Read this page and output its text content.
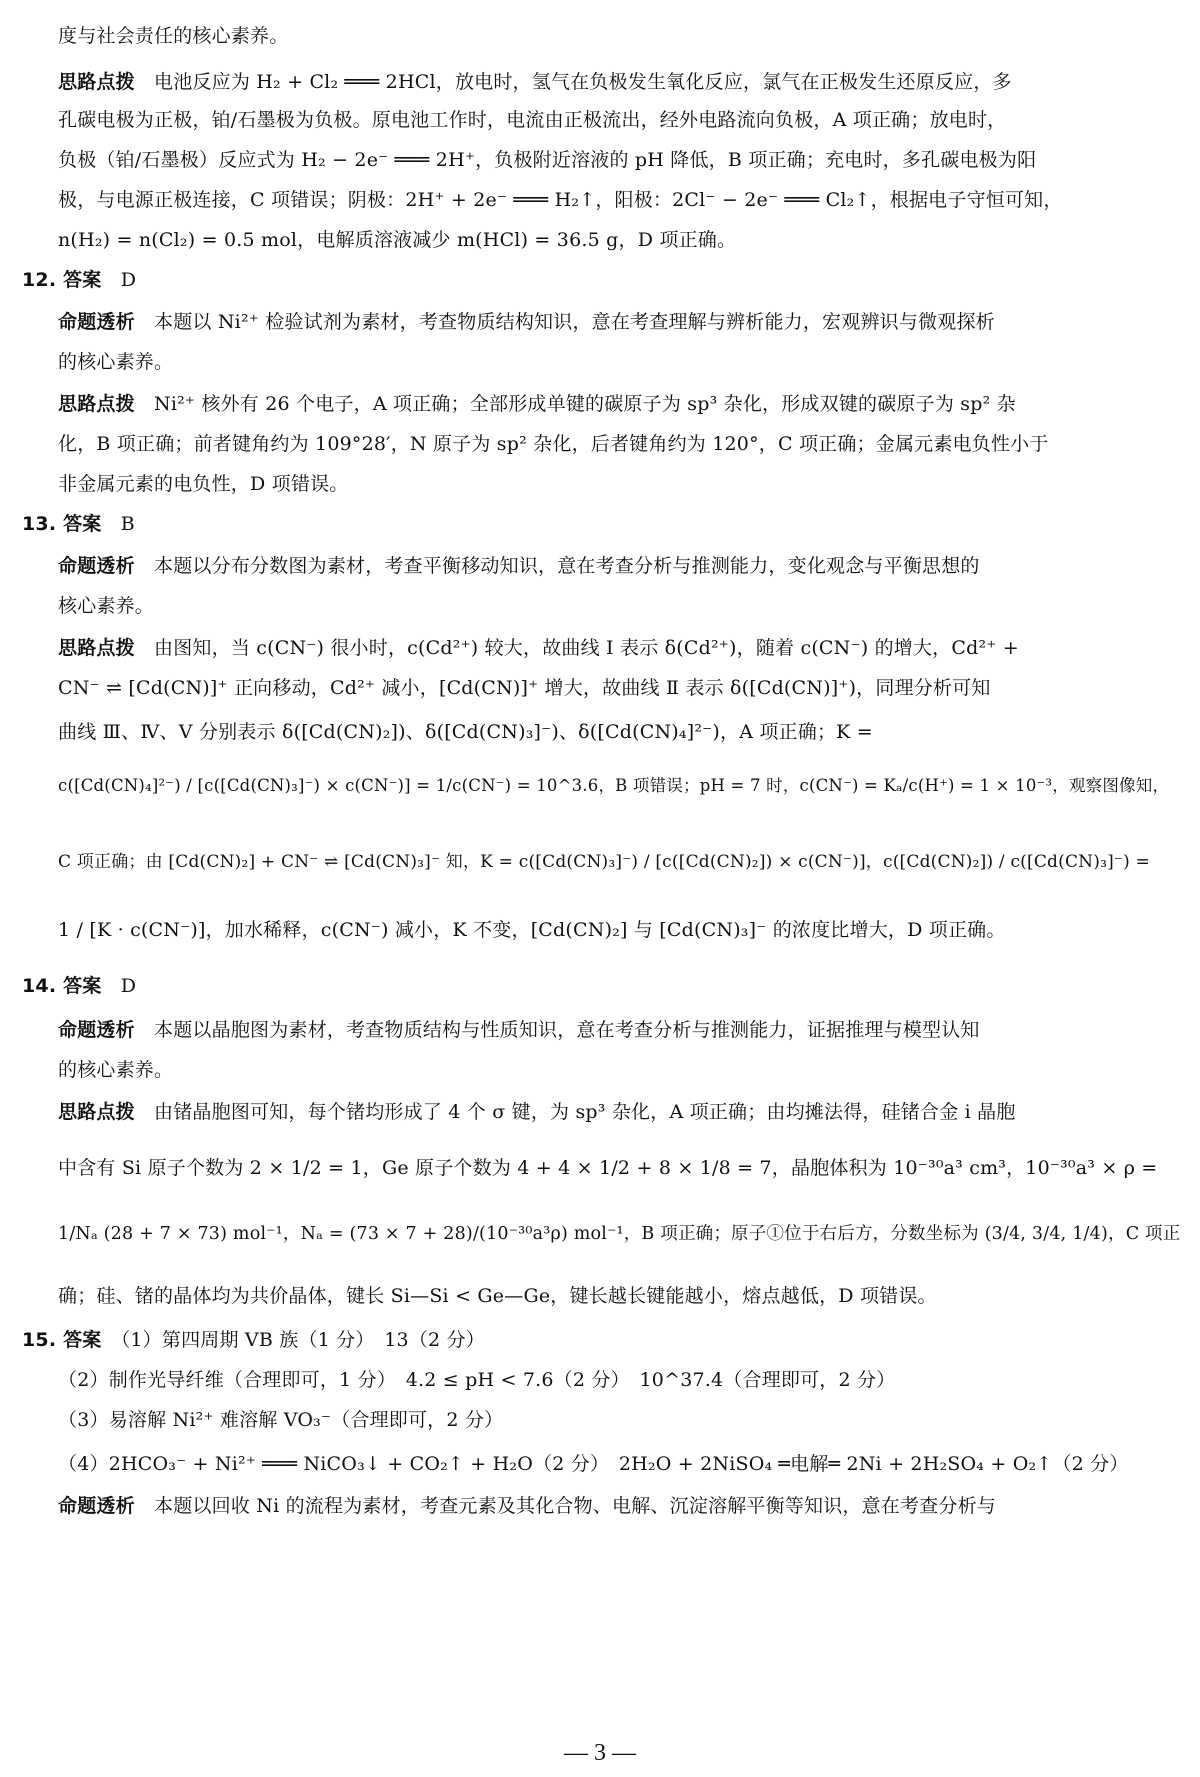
度与社会责任的核心素养。
思路点拨　 电池反应为 H₂ + Cl₂ ═══ 2HCl，放电时，氢气在负极发生氧化反应，氯气在正极发生还原反应，多
孔碳电极为正极，铂/石墨极为负极。原电池工作时，电流由正极流出，经外电路流向负极，A 项正确；放电时，
负极（铂/石墨极）反应式为 H₂ − 2e⁻ ═══ 2H⁺，负极附近溶液的 pH 降低，B 项正确；充电时，多孔碳电极为阳
极，与电源正极连接，C 项错误；阴极：2H⁺ + 2e⁻ ═══ H₂↑，阳极：2Cl⁻ − 2e⁻ ═══ Cl₂↑，根据电子守恒可知，
n(H₂) = n(Cl₂) = 0.5 mol，电解质溶液减少 m(HCl) = 36.5 g，D 项正确。
12. 答案　 D
命题透析　 本题以 Ni²⁺ 检验试剂为素材，考查物质结构知识，意在考查理解与辨析能力，宏观辨识与微观探析
的核心素养。
思路点拨　 Ni²⁺ 核外有 26 个电子，A 项正确；全部形成单键的碳原子为 sp³ 杂化，形成双键的碳原子为 sp² 杂
化，B 项正确；前者键角约为 109°28′，N 原子为 sp² 杂化，后者键角约为 120°，C 项正确；金属元素电负性小于
非金属元素的电负性，D 项错误。
13. 答案　 B
命题透析　 本题以分布分数图为素材，考查平衡移动知识，意在考查分析与推测能力，变化观念与平衡思想的
核心素养。
思路点拨　 由图知，当 c(CN⁻) 很小时，c(Cd²⁺) 较大，故曲线 Ⅰ 表示 δ(Cd²⁺)，随着 c(CN⁻) 的增大，Cd²⁺ +
CN⁻ ⇌ [Cd(CN)]⁺ 正向移动，Cd²⁺ 减小，[Cd(CN)]⁺ 增大，故曲线 Ⅱ 表示 δ([Cd(CN)]⁺)，同理分析可知
曲线 Ⅲ、Ⅳ、Ⅴ 分别表示 δ([Cd(CN)₂])、δ([Cd(CN)₃]⁻)、δ([Cd(CN)₄]²⁻)，A 项正确；K =
c([Cd(CN)₄]²⁻) / [c([Cd(CN)₃]⁻) × c(CN⁻)] = 1/c(CN⁻) = 10^3.6，B 项错误；pH = 7 时，c(CN⁻) = Kₐ/c(H⁺) = 1 × 10⁻³，观察图像知，
C 项正确；由 [Cd(CN)₂] + CN⁻ ⇌ [Cd(CN)₃]⁻ 知，K = c([Cd(CN)₃]⁻) / [c([Cd(CN)₂]) × c(CN⁻)]，c([Cd(CN)₂]) / c([Cd(CN)₃]⁻) =
1 / [K · c(CN⁻)]，加水稀释，c(CN⁻) 减小，K 不变，[Cd(CN)₂] 与 [Cd(CN)₃]⁻ 的浓度比增大，D 项正确。
14. 答案　 D
命题透析　 本题以晶胞图为素材，考查物质结构与性质知识，意在考查分析与推测能力，证据推理与模型认知
的核心素养。
思路点拨　 由锗晶胞图可知，每个锗均形成了 4 个 σ 键，为 sp³ 杂化，A 项正确；由均摊法得，硅锗合金 ⅰ 晶胞
中含有 Si 原子个数为 2 × 1/2 = 1，Ge 原子个数为 4 + 4 × 1/2 + 8 × 1/8 = 7，晶胞体积为 10⁻³⁰a³ cm³，10⁻³⁰a³ × ρ =
1/Nₐ (28 + 7 × 73) mol⁻¹，Nₐ = (73 × 7 + 28)/(10⁻³⁰a³ρ) mol⁻¹，B 项正确；原子①位于右后方，分数坐标为 (3/4, 3/4, 1/4)，C 项正
确；硅、锗的晶体均为共价晶体，键长 Si—Si < Ge—Ge，键长越长键能越小，熔点越低，D 项错误。
15. 答案　 （1）第四周期 ⅤB 族（1 分）　13（2 分）
（2）制作光导纤维（合理即可，1 分）　4.2 ≤ pH < 7.6（2 分）　10^37.4（合理即可，2 分）
（3）易溶解 Ni²⁺ 难溶解 VO₃⁻（合理即可，2 分）
（4）2HCO₃⁻ + Ni²⁺ ═══ NiCO₃↓ + CO₂↑ + H₂O（2 分）　2H₂O + 2NiSO₄ ═电解═ 2Ni + 2H₂SO₄ + O₂↑（2 分）
命题透析　 本题以回收 Ni 的流程为素材，考查元素及其化合物、电解、沉淀溶解平衡等知识，意在考查分析与
— 3 —
